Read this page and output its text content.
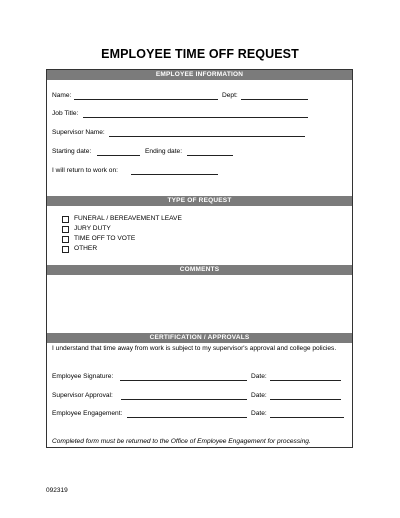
EMPLOYEE TIME OFF REQUEST
EMPLOYEE INFORMATION
Name:	Dept:
Job Title:
Supervisor Name:
Starting date:	Ending date:
I will return to work on:
TYPE OF REQUEST
FUNERAL / BEREAVEMENT LEAVE
JURY DUTY
TIME OFF TO VOTE
OTHER
COMMENTS
CERTIFICATION / APPROVALS
I understand that time away from work is subject to my supervisor's approval and college policies.
Employee Signature:	Date:
Supervisor Approval:	Date:
Employee Engagement:	Date:
Completed form must be returned to the Office of Employee Engagement for processing.
092319
